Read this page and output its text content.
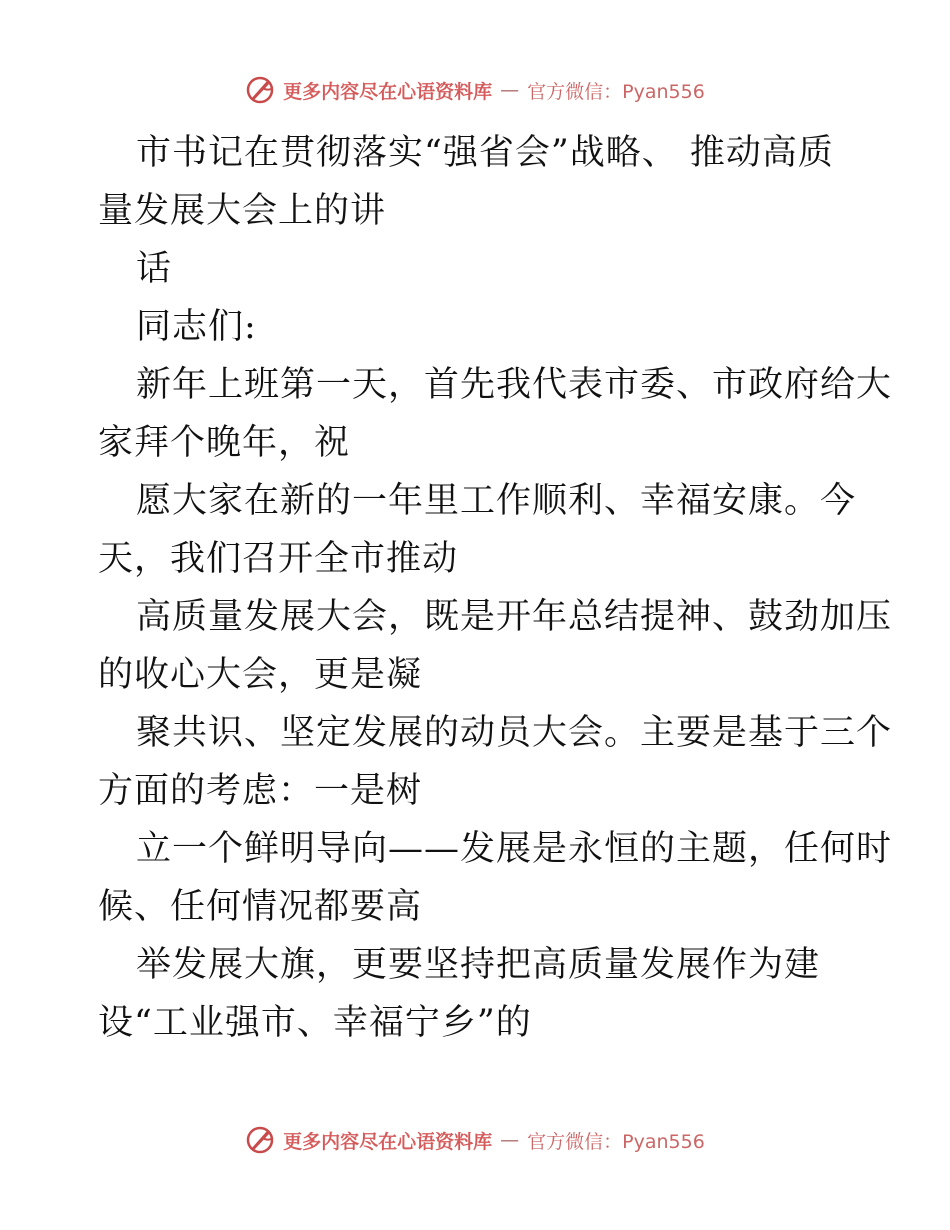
更多内容尽在心语资料库 — 官方微信：Pyan556
市书记在贯彻落实“强省会”战略、 推动高质
量发展大会上的讲
话
同志们:
新年上班第一天，首先我代表市委、市政府给大
家拜个晚年，祝
愿大家在新的一年里工作顺利、幸福安康。今
天，我们召开全市推动
高质量发展大会，既是开年总结提神、鼓劲加压
的收心大会，更是凝
聚共识、坚定发展的动员大会。主要是基于三个
方面的考虑：一是树
立一个鲜明导向——发展是永恒的主题，任何时
候、任何情况都要高
举发展大旗，更要坚持把高质量发展作为建
设“工业强市、幸福宁乡”的
更多内容尽在心语资料库 — 官方微信：Pyan556
